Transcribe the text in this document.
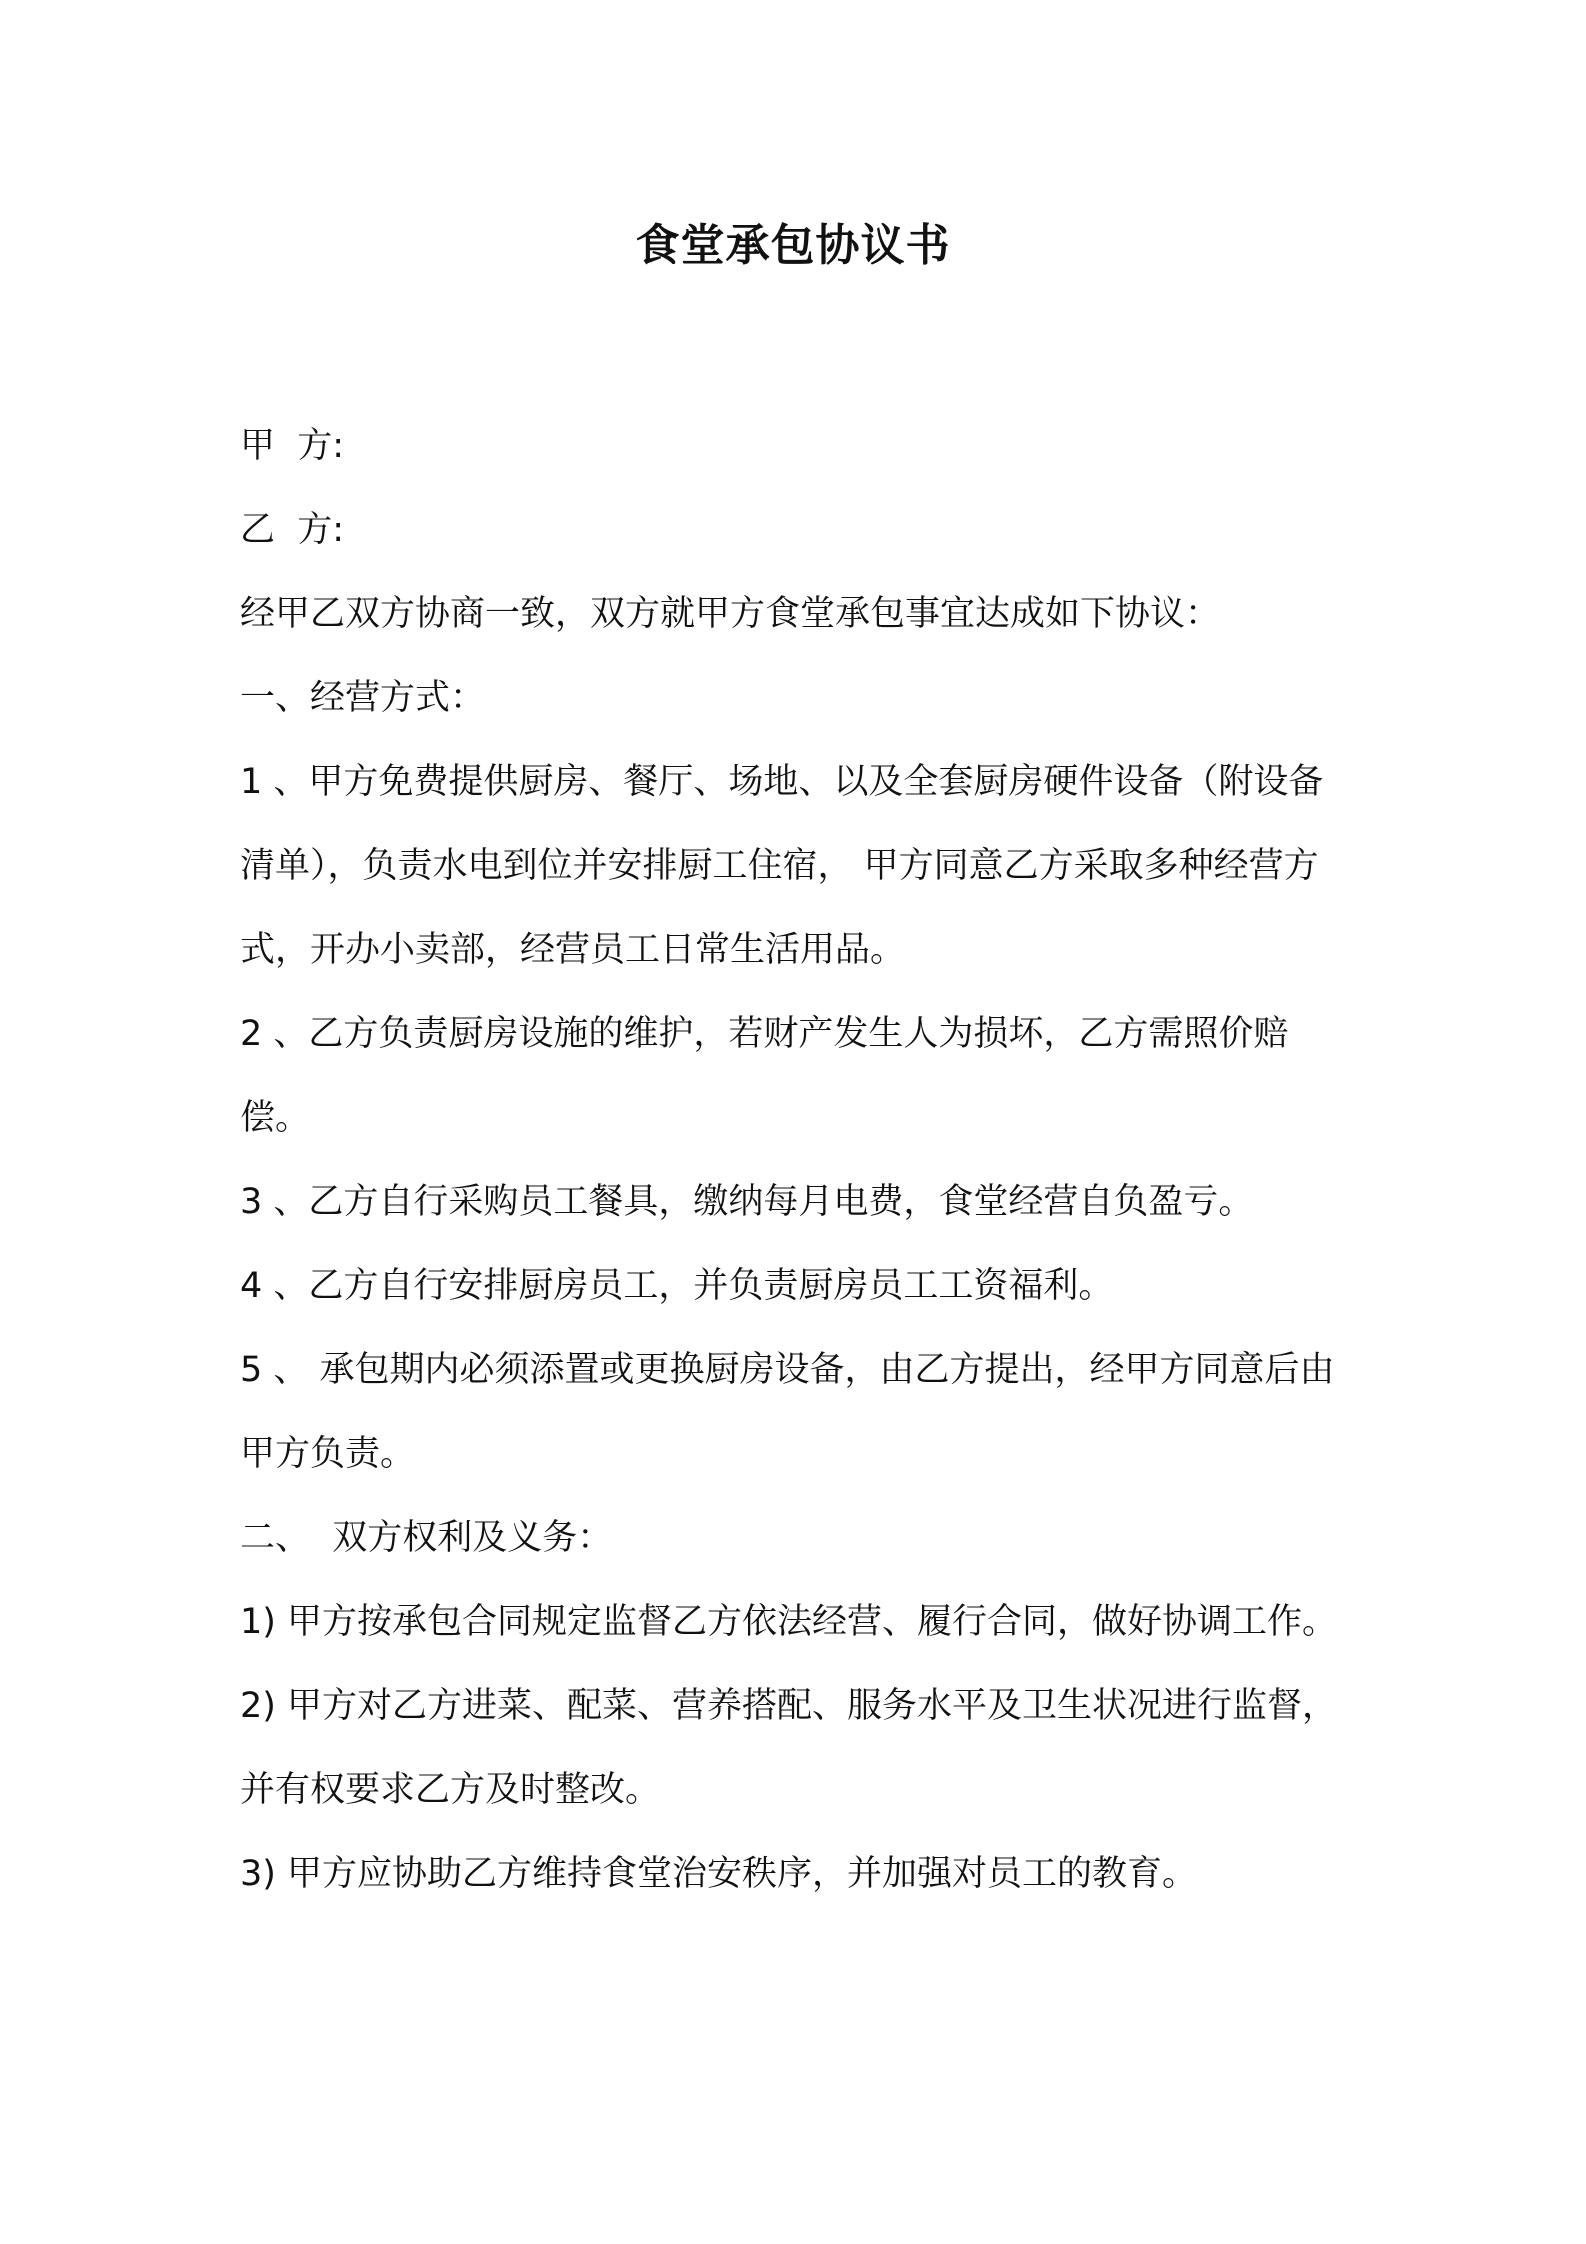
食堂承包协议书

甲  方:

乙  方:

经甲乙双方协商一致，双方就甲方食堂承包事宜达成如下协议：

一、经营方式：

1 、甲方免费提供厨房、餐厅、场地、以及全套厨房硬件设备（附设备清单），负责水电到位并安排厨工住宿， 甲方同意乙方采取多种经营方式，开办小卖部，经营员工日常生活用品。

2 、乙方负责厨房设施的维护，若财产发生人为损坏，乙方需照价赔偿。

3 、乙方自行采购员工餐具，缴纳每月电费，食堂经营自负盈亏。

4 、乙方自行安排厨房员工，并负责厨房员工工资福利。

5 、 承包期内必须添置或更换厨房设备，由乙方提出，经甲方同意后由甲方负责。

二、  双方权利及义务：

1) 甲方按承包合同规定监督乙方依法经营、履行合同，做好协调工作。

2) 甲方对乙方进菜、配菜、营养搭配、服务水平及卫生状况进行监督，并有权要求乙方及时整改。

3) 甲方应协助乙方维持食堂治安秩序，并加强对员工的教育。
